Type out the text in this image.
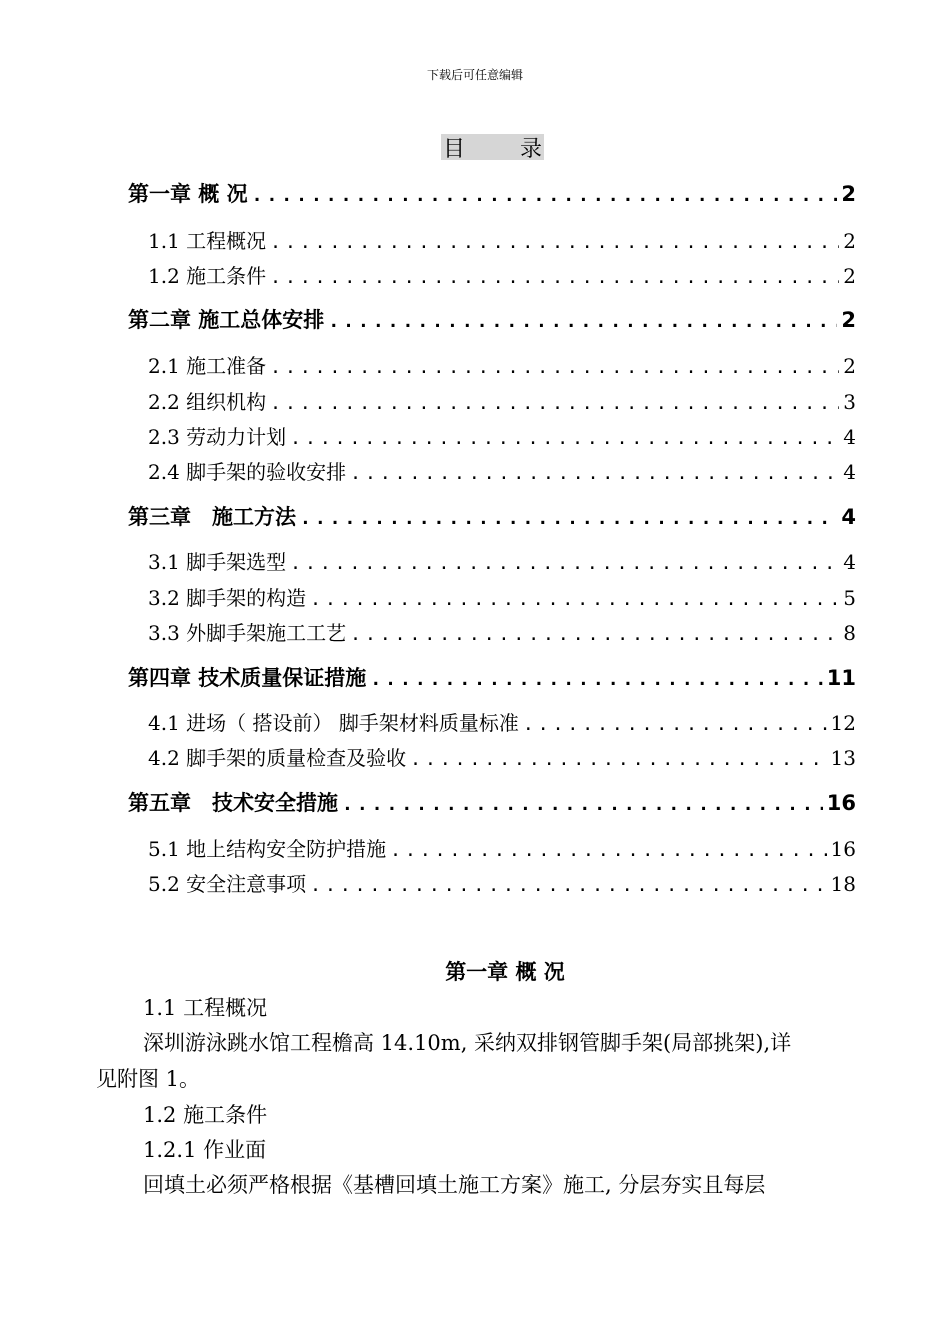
下载后可任意编辑
目 录
第一章 概 况 .....	2
1.1 工程概况 .....	2
1.2 施工条件 .....	2
第二章 施工总体安排 .....	2
2.1 施工准备 .....	2
2.2 组织机构 .....	3
2.3 劳动力计划 .....	4
2.4 脚手架的验收安排 .....	4
第三章　施工方法 .....	4
3.1 脚手架选型 .....	4
3.2 脚手架的构造 .....	5
3.3 外脚手架施工工艺 .....	8
第四章 技术质量保证措施 .....	11
4.1 进场（ 搭设前） 脚手架材料质量标准 .....	12
4.2 脚手架的质量检查及验收 .....	13
第五章　技术安全措施 .....	16
5.1 地上结构安全防护措施 .....	16
5.2 安全注意事项 .....	18
第一章 概 况
1.1 工程概况
深圳游泳跳水馆工程檐高 14.10m, 采纳双排钢管脚手架(局部挑架),详
见附图 1。
1.2 施工条件
1.2.1 作业面
回填土必须严格根据《基槽回填土施工方案》施工, 分层夯实且每层
